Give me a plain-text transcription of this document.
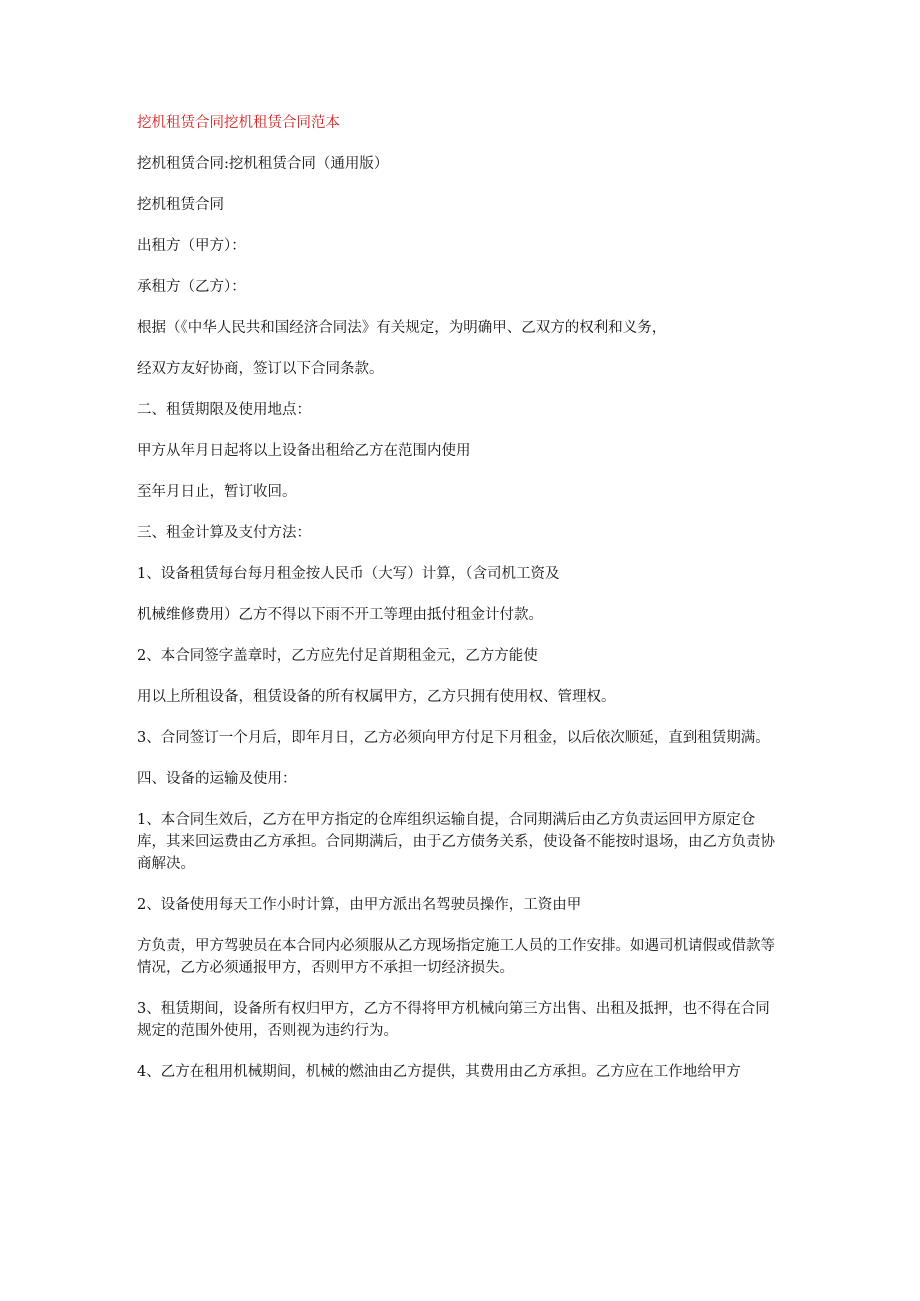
挖机租赁合同挖机租赁合同范本
挖机租赁合同:挖机租赁合同（通用版）
挖机租赁合同
出租方（甲方）：
承租方（乙方）：
根据（《中华人民共和国经济合同法》有关规定，为明确甲、乙双方的权利和义务，
经双方友好协商，签订以下合同条款。
二、租赁期限及使用地点：
甲方从年月日起将以上设备出租给乙方在范围内使用
至年月日止，暂订收回。
三、租金计算及支付方法：
1、设备租赁每台每月租金按人民币（大写）计算，（含司机工资及
机械维修费用）乙方不得以下雨不开工等理由抵付租金计付款。
2、本合同签字盖章时，乙方应先付足首期租金元，乙方方能使
用以上所租设备，租赁设备的所有权属甲方，乙方只拥有使用权、管理权。
3、合同签订一个月后，即年月日，乙方必须向甲方付足下月租金，以后依次顺延，直到租赁期满。
四、设备的运输及使用：
1、本合同生效后，乙方在甲方指定的仓库组织运输自提，合同期满后由乙方负责运回甲方原定仓库，其来回运费由乙方承担。合同期满后，由于乙方债务关系，使设备不能按时退场，由乙方负责协商解决。
2、设备使用每天工作小时计算，由甲方派出名驾驶员操作，工资由甲
方负责，甲方驾驶员在本合同内必须服从乙方现场指定施工人员的工作安排。如遇司机请假或借款等情况，乙方必须通报甲方，否则甲方不承担一切经济损失。
3、租赁期间，设备所有权归甲方，乙方不得将甲方机械向第三方出售、出租及抵押，也不得在合同规定的范围外使用，否则视为违约行为。
4、乙方在租用机械期间，机械的燃油由乙方提供，其费用由乙方承担。乙方应在工作地给甲方
